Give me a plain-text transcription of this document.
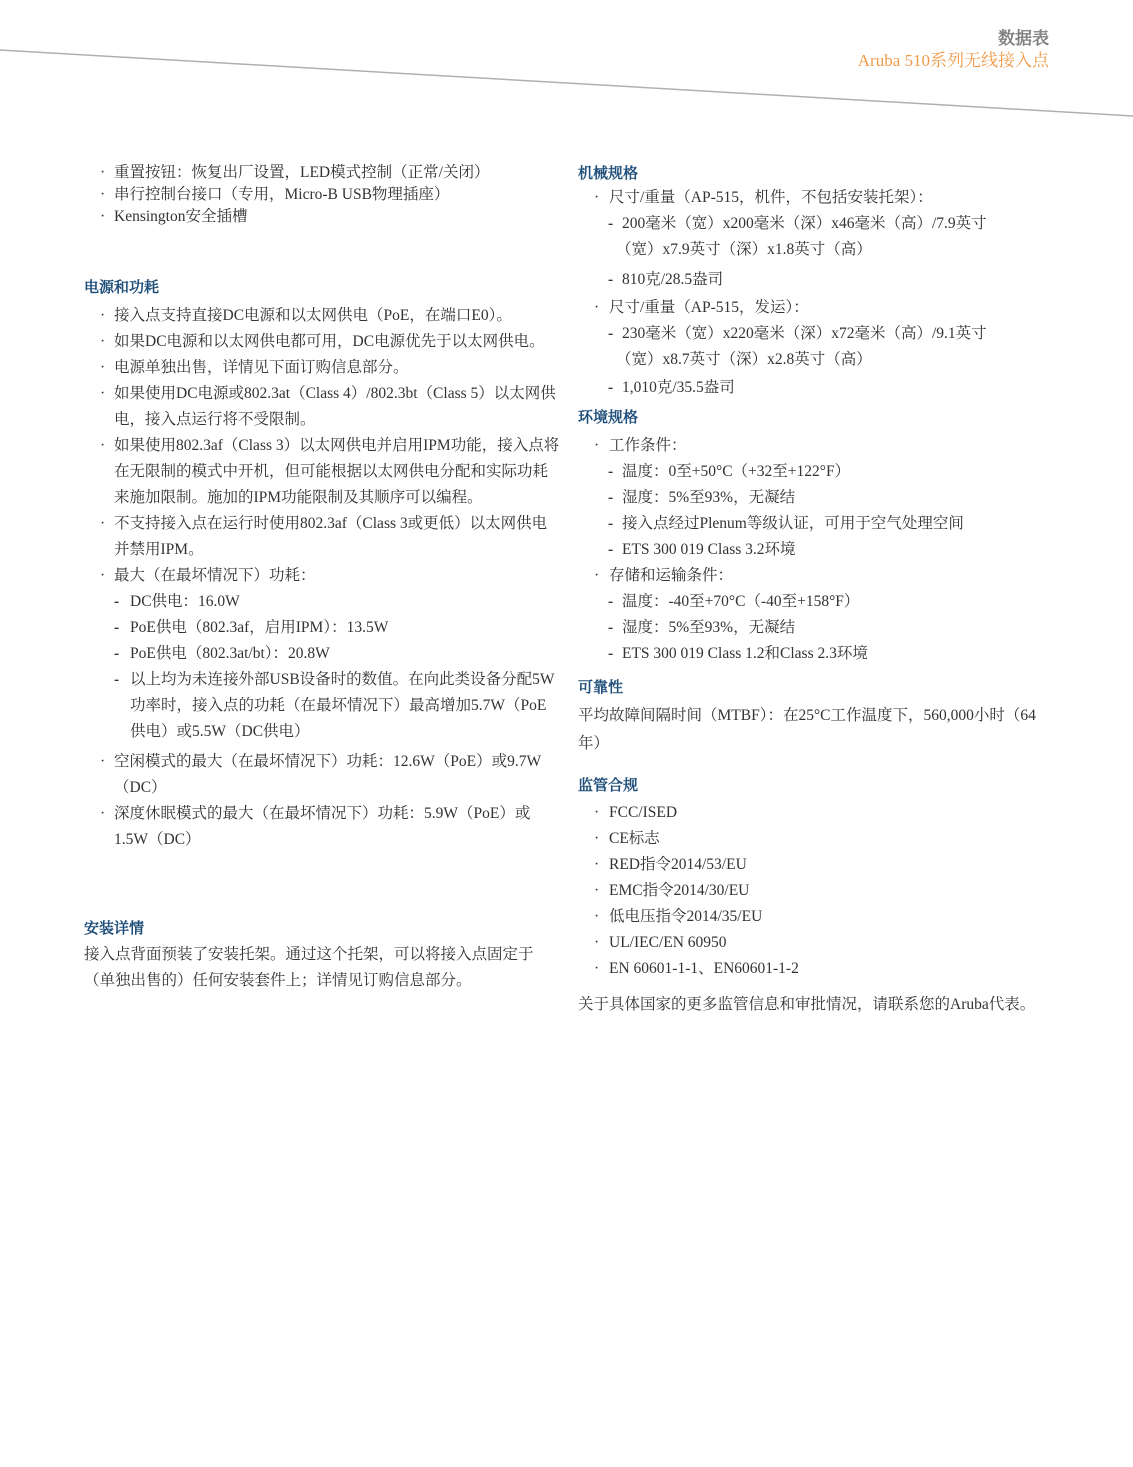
数据表
Aruba 510系列无线接入点
· 重置按钮：恢复出厂设置，LED模式控制（正常/关闭）
· 串行控制台接口（专用，Micro-B USB物理插座）
· Kensington安全插槽
电源和功耗
· 接入点支持直接DC电源和以太网供电（PoE，在端口E0）。
· 如果DC电源和以太网供电都可用，DC电源优先于以太网供电。
· 电源单独出售，详情见下面订购信息部分。
· 如果使用DC电源或802.3at（Class 4）/802.3bt（Class 5）以太网供电，接入点运行将不受限制。
· 如果使用802.3af（Class 3）以太网供电并启用IPM功能，接入点将在无限制的模式中开机，但可能根据以太网供电分配和实际功耗来施加限制。施加的IPM功能限制及其顺序可以编程。
· 不支持接入点在运行时使用802.3af（Class 3或更低）以太网供电并禁用IPM。
· 最大（在最坏情况下）功耗：
- DC供电：16.0W
- PoE供电（802.3af，启用IPM）：13.5W
- PoE供电（802.3at/bt）：20.8W
- 以上均为未连接外部USB设备时的数值。在向此类设备分配5W功率时，接入点的功耗（在最坏情况下）最高增加5.7W（PoE供电）或5.5W（DC供电）
· 空闲模式的最大（在最坏情况下）功耗：12.6W（PoE）或9.7W（DC）
· 深度休眠模式的最大（在最坏情况下）功耗：5.9W（PoE）或1.5W（DC）
安装详情

接入点背面预装了安装托架。通过这个托架，可以将接入点固定于（单独出售的）任何安装套件上；详情见订购信息部分。

机械规格
· 尺寸/重量（AP-515，机件，不包括安装托架）：
- 200毫米（宽）x200毫米（深）x46毫米（高）/7.9英寸（宽）x7.9英寸（深）x1.8英寸（高）
- 810克/28.5盎司
· 尺寸/重量（AP-515，发运）：
- 230毫米（宽）x220毫米（深）x72毫米（高）/9.1英寸（宽）x8.7英寸（深）x2.8英寸（高）
- 1,010克/35.5盎司
环境规格
· 工作条件：
- 温度：0至+50°C（+32至+122°F）
- 湿度：5%至93%，无凝结
- 接入点经过Plenum等级认证，可用于空气处理空间
- ETS 300 019 Class 3.2环境
· 存储和运输条件：
- 温度：-40至+70°C（-40至+158°F）
- 湿度：5%至93%，无凝结
- ETS 300 019 Class 1.2和Class 2.3环境
可靠性

平均故障间隔时间（MTBF）：在25°C工作温度下，560,000小时（64年）

监管合规
· FCC/ISED
· CE标志
· RED指令2014/53/EU
· EMC指令2014/30/EU
· 低电压指令2014/35/EU
· UL/IEC/EN 60950
· EN 60601-1-1、EN60601-1-2

关于具体国家的更多监管信息和审批情况，请联系您的Aruba代表。
